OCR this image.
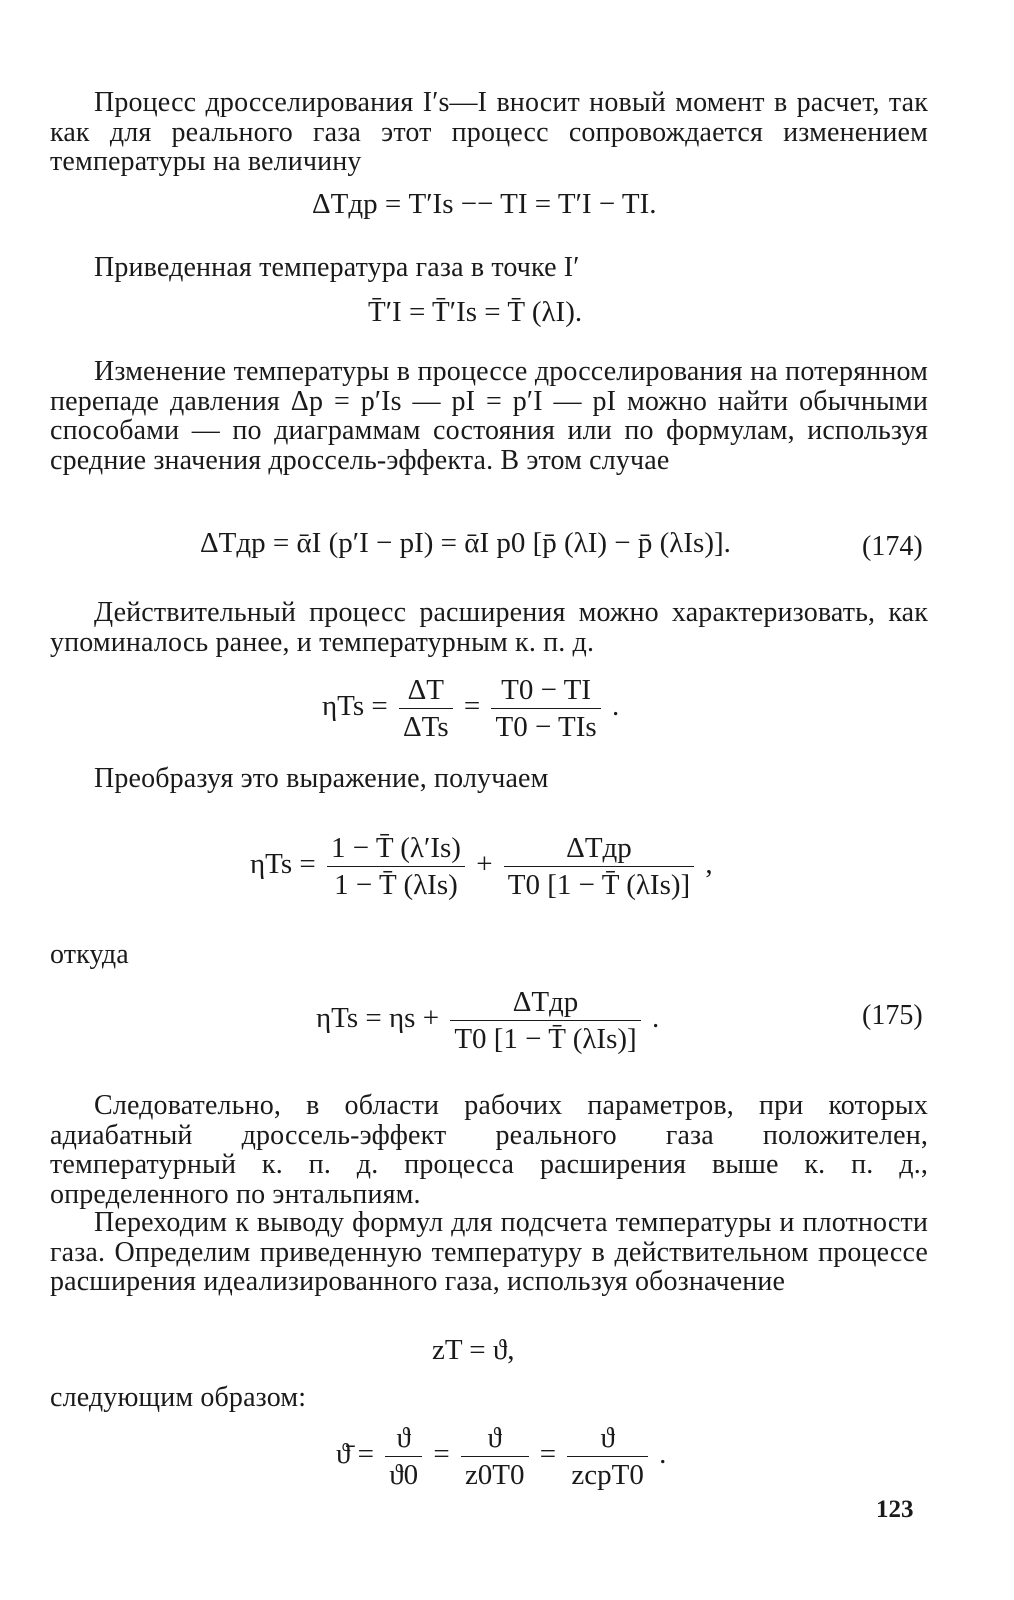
Процесс дросселирования I′s—I вносит новый момент в расчет, так как для реального газа этот процесс сопровождается изменением температуры на величину
ΔTдр = T′Is −− TI = T′I − TI.
Приведенная температура газа в точке I′
T̄′I = T̄′Is = T̄ (λI).
Изменение температуры в процессе дросселирования на потерянном перепаде давления Δp = p′Is — pI = p′I — pI можно найти обычными способами — по диаграммам состояния или по формулам, используя средние значения дроссель-эффекта. В этом случае
ΔTдр = ᾱI (p′I − pI) = ᾱI p0 [p̄ (λI) − p̄ (λIs)].	(174)
Действительный процесс расширения можно характеризовать, как упоминалось ранее, и температурным к. п. д.
$\eta Ts = \frac{\Delta T}{\text{ΔTs}} = \frac{T0 - TI}{\text{T0 − TIs}}$ .
Преобразуя это выражение, получаем
$\eta Ts = \frac{1 - T̄ (\lambda'Is)}{\text{1 − T̄ (λIs)}} + \frac{\text{ΔTдр}}{\text{T0 [1 − T̄ (λIs)]}}$ ,
откуда
$\eta Ts = \eta s + \frac{\text{ΔTдр}}{\text{T0 [1 − T̄ (λIs)]}}$ .	(175)
Следовательно, в области рабочих параметров, при которых адиабатный дроссель-эффект реального газа положителен, температурный к. п. д. процесса расширения выше к. п. д., определенного по энтальпиям.
Переходим к выводу формул для подсчета температуры и плотности газа. Определим приведенную температуру в действительном процессе расширения идеализированного газа, используя обозначение
zT = ϑ,
следующим образом:
ϑ̄ = $\frac{ϑ}{ϑ0} = \frac{ϑ}{z0T0} = \frac{ϑ}{\text{zсрT0}}$ .
123
